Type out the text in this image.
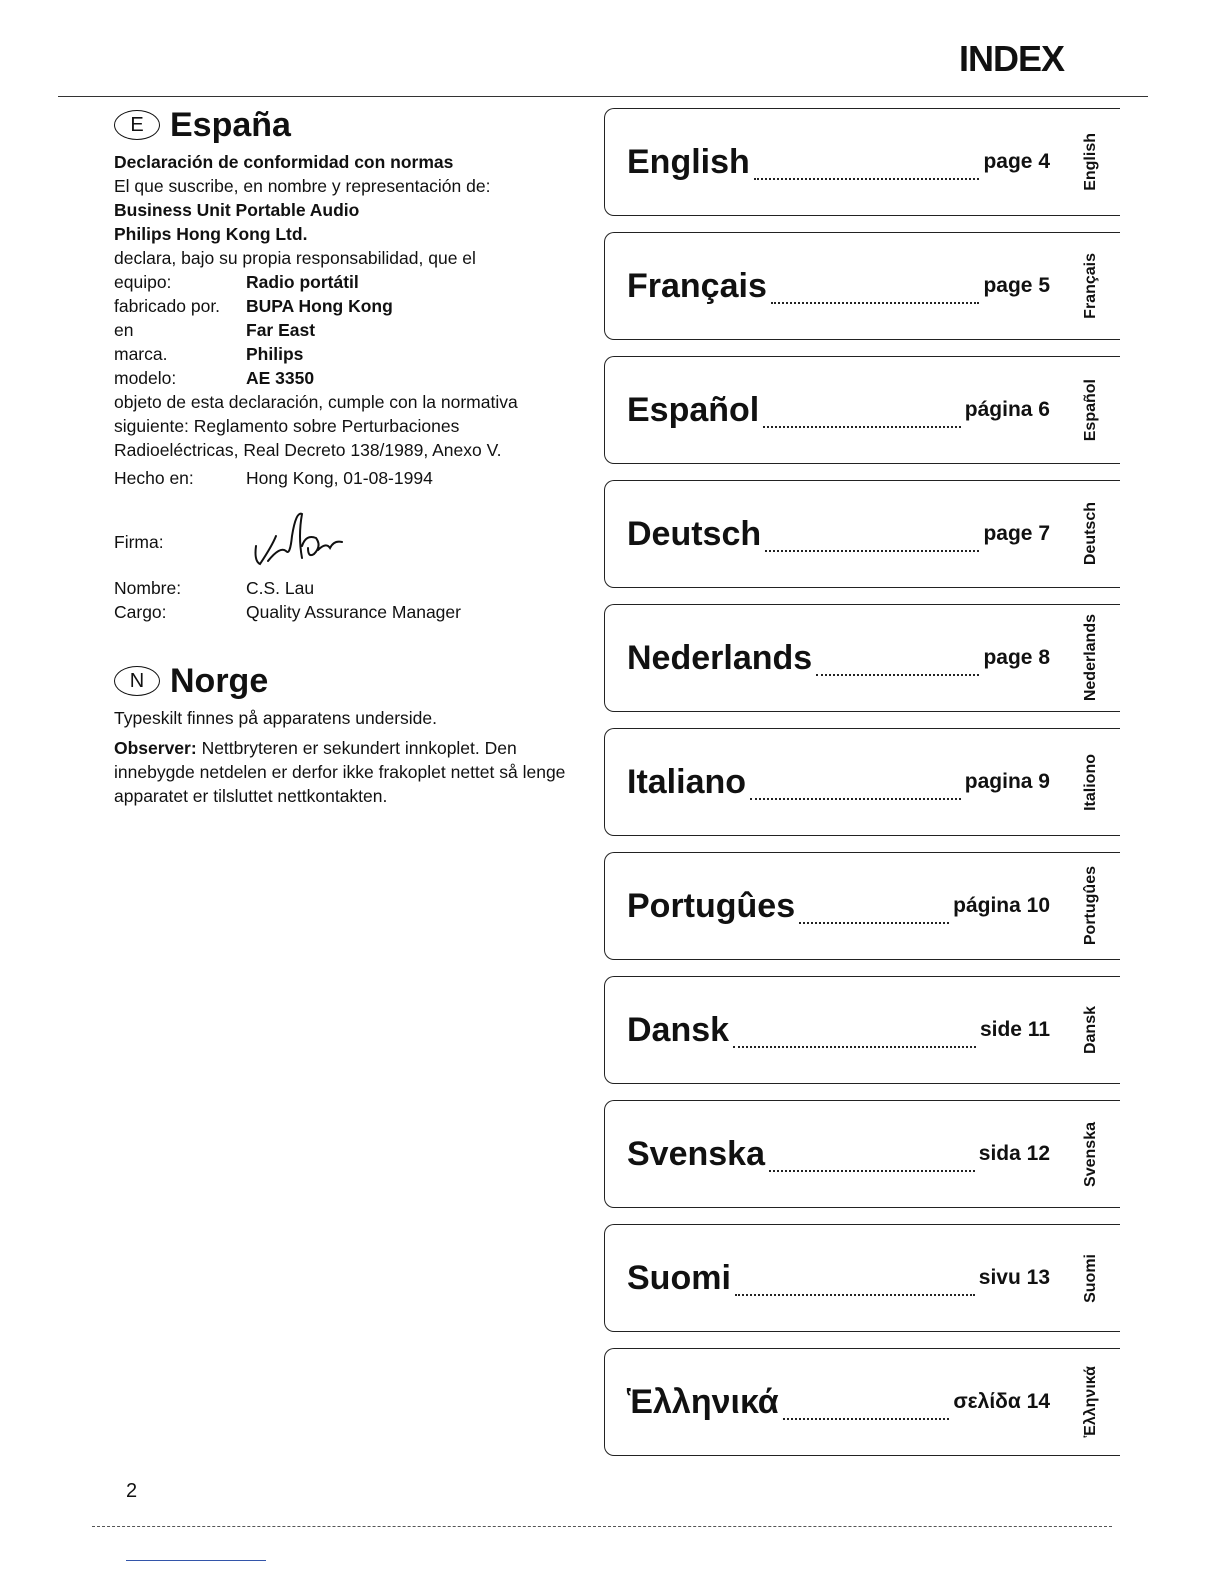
INDEX
E España

Declaración de conformidad con normas

El que suscribe, en nombre y representación de:

Business Unit Portable Audio

Philips Hong Kong Ltd.

declara, bajo su propia responsabilidad, que el

equipo:	Radio portátil
fabricado por.	BUPA Hong Kong
en	Far East
marca.	Philips
modelo:	AE 3350

objeto de esta declaración, cumple con la normativa siguiente: Reglamento sobre Perturbaciones Radioeléctricas, Real Decreto 138/1989, Anexo V.

Hecho en:	Hong Kong, 01-08-1994
Firma:
Nombre:	C.S. Lau
Cargo:	Quality Assurance Manager
N Norge

Typeskilt finnes på apparatens underside.

Observer: Nettbryteren er sekundert innkoplet. Den innebygde netdelen er derfor ikke frakoplet nettet så lenge apparatet er tilsluttet nettkontakten.

English	page 4 English
Français	page 5 Français
Español	página 6 Español
Deutsch	page 7 Deutsch
Nederlands	page 8 Nederlands
Italiano	pagina 9 Italiono
Portugûes	página 10 Portugûes
Dansk	side 11 Dansk
Svenska	sida 12 Svenska
Suomi	sivu 13 Suomi
Ἑλληνικά	σελίδα 14 Ἑλληνικά
2
